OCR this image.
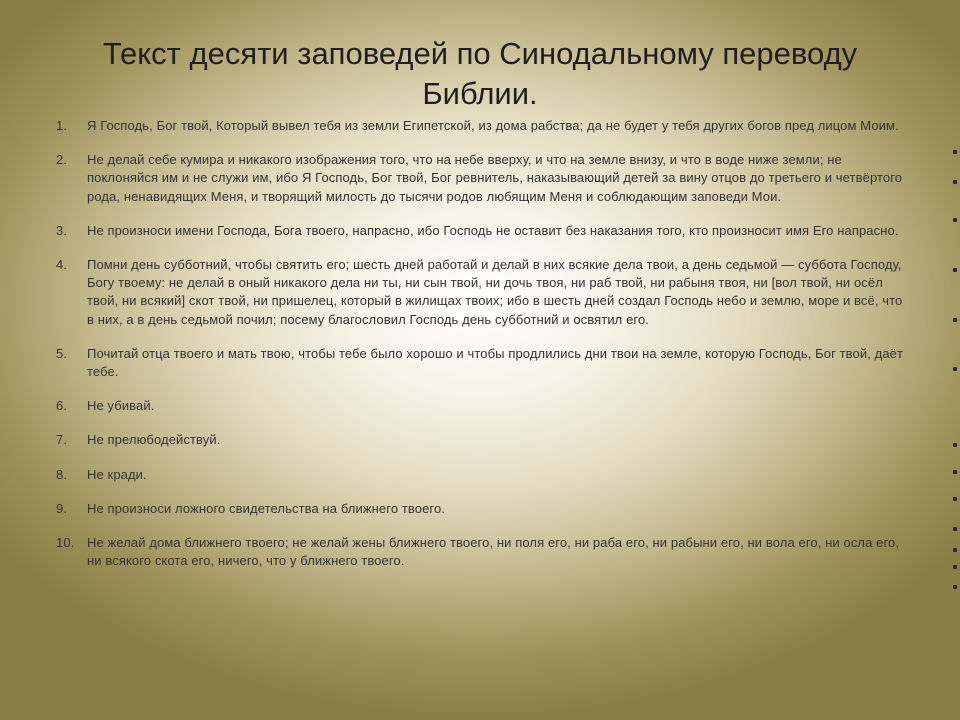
Текст десяти заповедей по Синодальному переводу Библии.
1. Я Господь, Бог твой, Который вывел тебя из земли Египетской, из дома рабства; да не будет у тебя других богов пред лицом Моим.
2. Не делай себе кумира и никакого изображения того, что на небе вверху, и что на земле внизу, и что в воде ниже земли; не поклоняйся им и не служи им, ибо Я Господь, Бог твой, Бог ревнитель, наказывающий детей за вину отцов до третьего и четвёртого рода, ненавидящих Меня, и творящий милость до тысячи родов любящим Меня и соблюдающим заповеди Мои.
3. Не произноси имени Господа, Бога твоего, напрасно, ибо Господь не оставит без наказания того, кто произносит имя Его напрасно.
4. Помни день субботний, чтобы святить его; шесть дней работай и делай в них всякие дела твои, а день седьмой — суббота Господу, Богу твоему: не делай в оный никакого дела ни ты, ни сын твой, ни дочь твоя, ни раб твой, ни рабыня твоя, ни [вол твой, ни осёл твой, ни всякий] скот твой, ни пришелец, который в жилищах твоих; ибо в шесть дней создал Господь небо и землю, море и всё, что в них, а в день седьмой почил; посему благословил Господь день субботний и освятил его.
5. Почитай отца твоего и мать твою, чтобы тебе было хорошо и чтобы продлились дни твои на земле, которую Господь, Бог твой, даёт тебе.
6. Не убивай.
7. Не прелюбодействуй.
8. Не кради.
9. Не произноси ложного свидетельства на ближнего твоего.
10. Не желай дома ближнего твоего; не желай жены ближнего твоего, ни поля его, ни раба его, ни рабыни его, ни вола его, ни осла его, ни всякого скота его, ничего, что у ближнего твоего.
